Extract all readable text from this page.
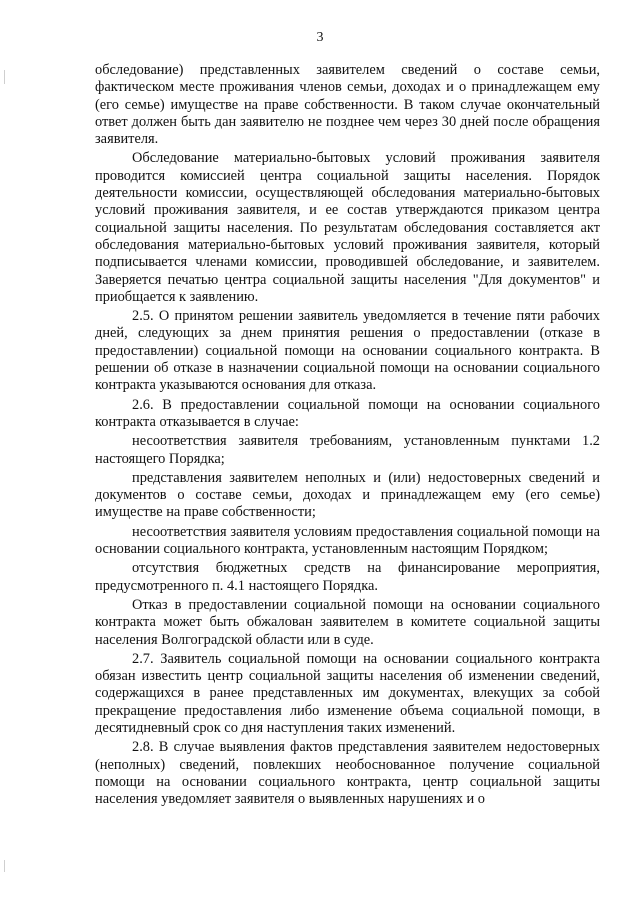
3

обследование) представленных заявителем сведений о составе семьи, фактическом месте проживания членов семьи, доходах и о принадлежащем ему (его семье) имуществе на праве собственности. В таком случае окончательный ответ должен быть дан заявителю не позднее чем через 30 дней после обращения заявителя.

Обследование материально-бытовых условий проживания заявителя проводится комиссией центра социальной защиты населения. Порядок деятельности комиссии, осуществляющей обследования материально-бытовых условий проживания заявителя, и ее состав утверждаются приказом центра социальной защиты населения. По результатам обследования составляется акт обследования материально-бытовых условий проживания заявителя, который подписывается членами комиссии, проводившей обследование, и заявителем. Заверяется печатью центра социальной защиты населения "Для документов" и приобщается к заявлению.

2.5. О принятом решении заявитель уведомляется в течение пяти рабочих дней, следующих за днем принятия решения о предоставлении (отказе в предоставлении) социальной помощи на основании социального контракта. В решении об отказе в назначении социальной помощи на основании социального контракта указываются основания для отказа.

2.6. В предоставлении социальной помощи на основании социального контракта отказывается в случае:

несоответствия заявителя требованиям, установленным пунктами 1.2 настоящего Порядка;

представления заявителем неполных и (или) недостоверных сведений и документов о составе семьи, доходах и принадлежащем ему (его семье) имуществе на праве собственности;

несоответствия заявителя условиям предоставления социальной помощи на основании социального контракта, установленным настоящим Порядком;

отсутствия бюджетных средств на финансирование мероприятия, предусмотренного п. 4.1 настоящего Порядка.

Отказ в предоставлении социальной помощи на основании социального контракта может быть обжалован заявителем в комитете социальной защиты населения Волгоградской области или в суде.

2.7. Заявитель социальной помощи на основании социального контракта обязан известить центр социальной защиты населения об изменении сведений, содержащихся в ранее представленных им документах, влекущих за собой прекращение предоставления либо изменение объема социальной помощи, в десятидневный срок со дня наступления таких изменений.

2.8. В случае выявления фактов представления заявителем недостоверных (неполных) сведений, повлекших необоснованное получение социальной помощи на основании социального контракта, центр социальной защиты населения уведомляет заявителя о выявленных нарушениях и о
